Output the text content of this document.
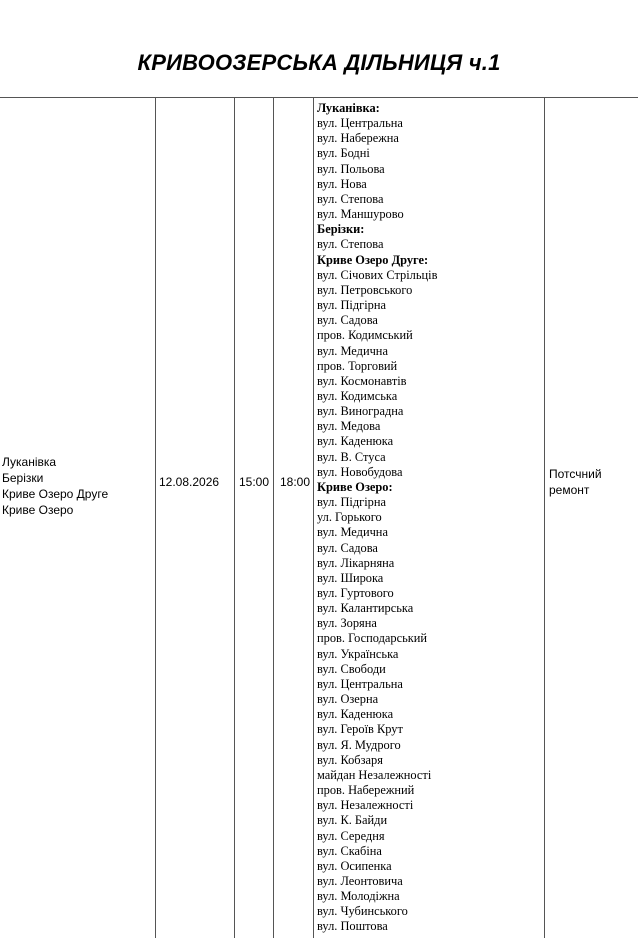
КРИВООЗЕРСЬКА ДІЛЬНИЦЯ ч.1
Луканівка
Берізки
Криве Озеро Друге
Криве Озеро
12.08.2026 15:00 18:00
Потсчний
ремонт
Луканівка:
вул. Центральна
вул. Набережна
вул. Бодні
вул. Польова
вул. Нова
вул. Степова
вул. Маншурово
Берізки:
вул. Степова
Криве Озеро Друге:
вул. Січових Стрільців
вул. Петровського
вул. Підгірна
вул. Садова
пров. Кодимський
вул. Медична
пров. Торговий
вул. Космонавтів
вул. Кодимська
вул. Виноградна
вул. Медова
вул. Каденюка
вул. В. Стуса
вул. Новобудова
Криве Озеро:
вул. Підгірна
ул. Горького
вул. Медична
вул. Садова
вул. Лікарняна
вул. Широка
вул. Гуртового
вул. Калантирська
вул. Зоряна
пров. Господарський
вул. Українська
вул. Свободи
вул. Центральна
вул. Озерна
вул. Каденюка
вул. Героїв Крут
вул. Я. Мудрого
вул. Кобзаря
майдан Незалежності
пров. Набережний
вул. Незалежності
вул. К. Байди
вул. Середня
вул. Скабіна
вул. Осипенка
вул. Леонтовича
вул. Молодіжна
вул. Чубинського
вул. Поштова
